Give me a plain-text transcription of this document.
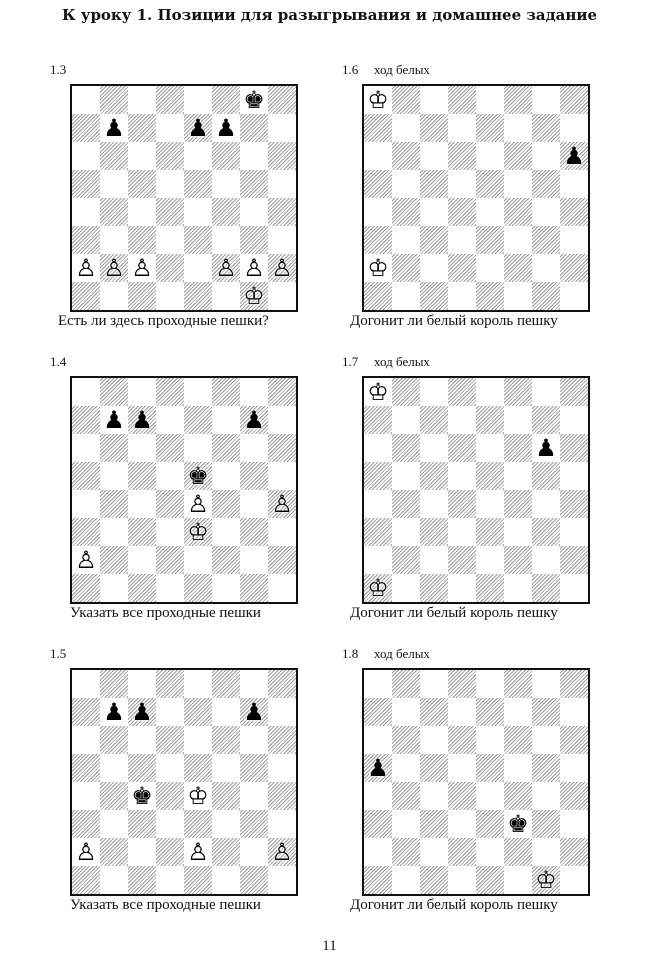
К уроку 1. Позиции для разыгрывания и домашнее задание
1.3
♚
♟	♟ ♟
♙ ♙ ♙	♙ ♙ ♙
♔
Есть ли здесь проходные пешки?
1.6 ход белых
♔
♟
♔
Догонит ли белый король пешку
1.4
♟ ♟	♟
♚
♙	♙
♔
♙
Указать все проходные пешки
1.7 ход белых
♔
♟
♔
Догонит ли белый король пешку
1.5
♟ ♟	♟
♚ ♔
♙	♙	♙
Указать все проходные пешки
1.8 ход белых
♟
♚
♔
Догонит ли белый король пешку
11
